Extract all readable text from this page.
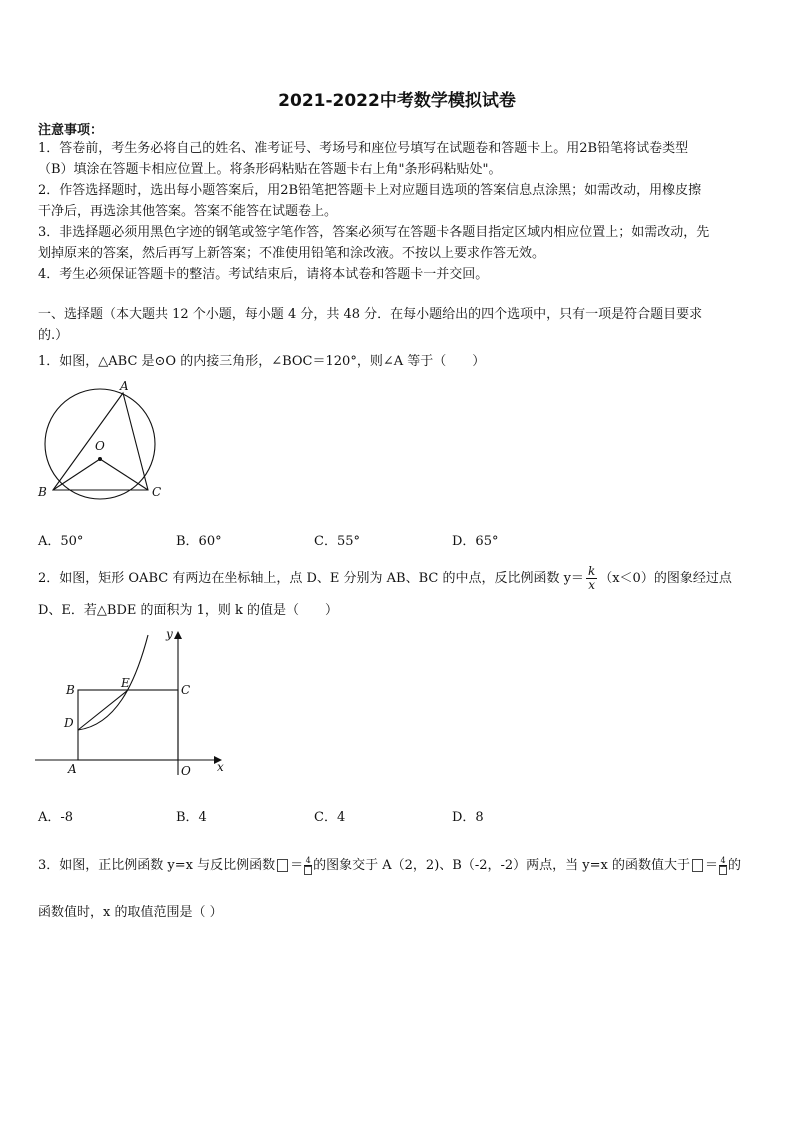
2021-2022中考数学模拟试卷
注意事项：
1．答卷前，考生务必将自己的姓名、准考证号、考场号和座位号填写在试题卷和答题卡上。用2B铅笔将试卷类型
（B）填涂在答题卡相应位置上。将条形码粘贴在答题卡右上角"条形码粘贴处"。
2．作答选择题时，选出每小题答案后，用2B铅笔把答题卡上对应题目选项的答案信息点涂黑；如需改动，用橡皮擦
干净后，再选涂其他答案。答案不能答在试题卷上。
3．非选择题必须用黑色字迹的钢笔或签字笔作答，答案必须写在答题卡各题目指定区域内相应位置上；如需改动，先
划掉原来的答案，然后再写上新答案；不准使用铅笔和涂改液。不按以上要求作答无效。
4．考生必须保证答题卡的整洁。考试结束后，请将本试卷和答题卡一并交回。
一、选择题（本大题共 12 个小题，每小题 4 分，共 48 分．在每小题给出的四个选项中，只有一项是符合题目要求
的.）
1．如图，△ABC 是⊙O 的内接三角形，∠BOC＝120°，则∠A 等于（　　）
A
O
B	C
A．50°	B．60°	C．55°	D．65°
2．如图，矩形 OABC 有两边在坐标轴上，点 D、E 分别为 AB、BC 的中点，反比例函数 $y= \frac{k}{x} (x<0)$的图象经过点
D、E．若△BDE 的面积为 1，则 k 的值是（　　）
y
x
B	E	C
D
A	O
A．-8	B．4	C．4	D．8
3．如图，正比例函数 y=x 与反比例函数 ＝ 4 的图象交于 A（2，2)、B（-2，-2）两点，当 y=x 的函数值大于 ＝ 4 的
函数值时，x 的取值范围是（ ）
